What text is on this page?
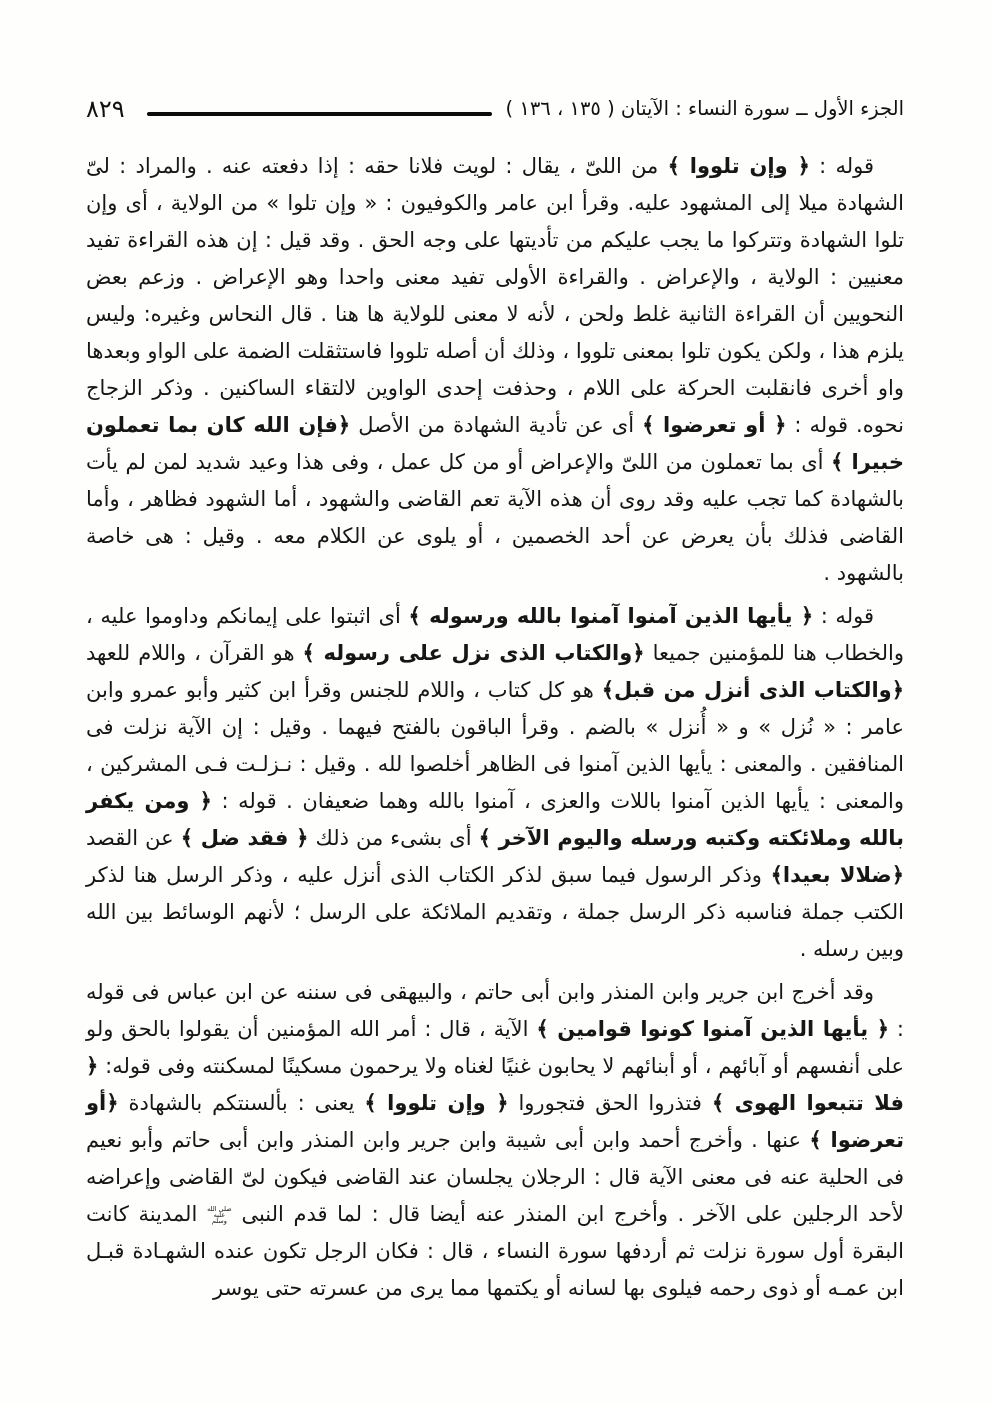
الجزء الأول ــ سورة النساء : الآيتان ( ١٣٥ ، ١٣٦ )
٨٢٩

قوله : ﴿ وإن تلووا ﴾ من اللىّ ، يقال : لويت فلانا حقه : إذا دفعته عنه . والمراد : لىّ الشهادة ميلا إلى المشهود عليه. وقرأ ابن عامر والكوفيون : « وإن تلوا » من الولاية ، أى وإن تلوا الشهادة وتتركوا ما يجب عليكم من تأديتها على وجه الحق . وقد قيل : إن هذه القراءة تفيد معنيين : الولاية ، والإعراض . والقراءة الأولى تفيد معنى واحدا وهو الإعراض . وزعم بعض النحويين أن القراءة الثانية غلط ولحن ، لأنه لا معنى للولاية ها هنا . قال النحاس وغيره: وليس يلزم هذا ، ولكن يكون تلوا بمعنى تلووا ، وذلك أن أصله تلووا فاستثقلت الضمة على الواو وبعدها واو أخرى فانقلبت الحركة على اللام ، وحذفت إحدى الواوين لالتقاء الساكنين . وذكر الزجاج نحوه. قوله : ﴿ أو تعرضوا ﴾ أى عن تأدية الشهادة من الأصل ﴿فإن الله كان بما تعملون خبيرا ﴾ أى بما تعملون من اللىّ والإعراض أو من كل عمل ، وفى هذا وعيد شديد لمن لم يأت بالشهادة كما تجب عليه وقد روى أن هذه الآية تعم القاضى والشهود ، أما الشهود فظاهر ، وأما القاضى فذلك بأن يعرض عن أحد الخصمين ، أو يلوى عن الكلام معه . وقيل : هى خاصة بالشهود .

قوله : ﴿ يأيها الذين آمنوا آمنوا بالله ورسوله ﴾ أى اثبتوا على إيمانكم وداوموا عليه ، والخطاب هنا للمؤمنين جميعا ﴿والكتاب الذى نزل على رسوله ﴾ هو القرآن ، واللام للعهد ﴿والكتاب الذى أنزل من قبل﴾ هو كل كتاب ، واللام للجنس وقرأ ابن كثير وأبو عمرو وابن عامر : « نُزل » و « أُنزل » بالضم . وقرأ الباقون بالفتح فيهما . وقيل : إن الآية نزلت فى المنافقين . والمعنى : يأيها الذين آمنوا فى الظاهر أخلصوا لله . وقيل : نـزلـت فـى المشركين ، والمعنى : يأيها الذين آمنوا باللات والعزى ، آمنوا بالله وهما ضعيفان . قوله : ﴿ ومن يكفر بالله وملائكته وكتبه ورسله واليوم الآخر ﴾ أى بشىء من ذلك ﴿ فقد ضل ﴾ عن القصد ﴿ضلالا بعيدا﴾ وذكر الرسول فيما سبق لذكر الكتاب الذى أنزل عليه ، وذكر الرسل هنا لذكر الكتب جملة فناسبه ذكر الرسل جملة ، وتقديم الملائكة على الرسل ؛ لأنهم الوسائط بين الله وبين رسله .

وقد أخرج ابن جرير وابن المنذر وابن أبى حاتم ، والبيهقى فى سننه عن ابن عباس فى قوله : ﴿ يأيها الذين آمنوا كونوا قوامين ﴾ الآية ، قال : أمر الله المؤمنين أن يقولوا بالحق ولو على أنفسهم أو آبائهم ، أو أبنائهم لا يحابون غنيًا لغناه ولا يرحمون مسكينًا لمسكنته وفى قوله: ﴿ فلا تتبعوا الهوى ﴾ فتذروا الحق فتجوروا ﴿ وإن تلووا ﴾ يعنى : بألسنتكم بالشهادة ﴿أو تعرضوا ﴾ عنها . وأخرج أحمد وابن أبى شيبة وابن جرير وابن المنذر وابن أبى حاتم وأبو نعيم فى الحلية عنه فى معنى الآية قال : الرجلان يجلسان عند القاضى فيكون لىّ القاضى وإعراضه لأحد الرجلين على الآخر . وأخرج ابن المنذر عنه أيضا قال : لما قدم النبى صلى الله عليه وسلم المدينة كانت البقرة أول سورة نزلت ثم أردفها سورة النساء ، قال : فكان الرجل تكون عنده الشهـادة قبـل ابن عمـه أو ذوى رحمه فيلوى بها لسانه أو يكتمها مما يرى من عسرته حتى يوسر
